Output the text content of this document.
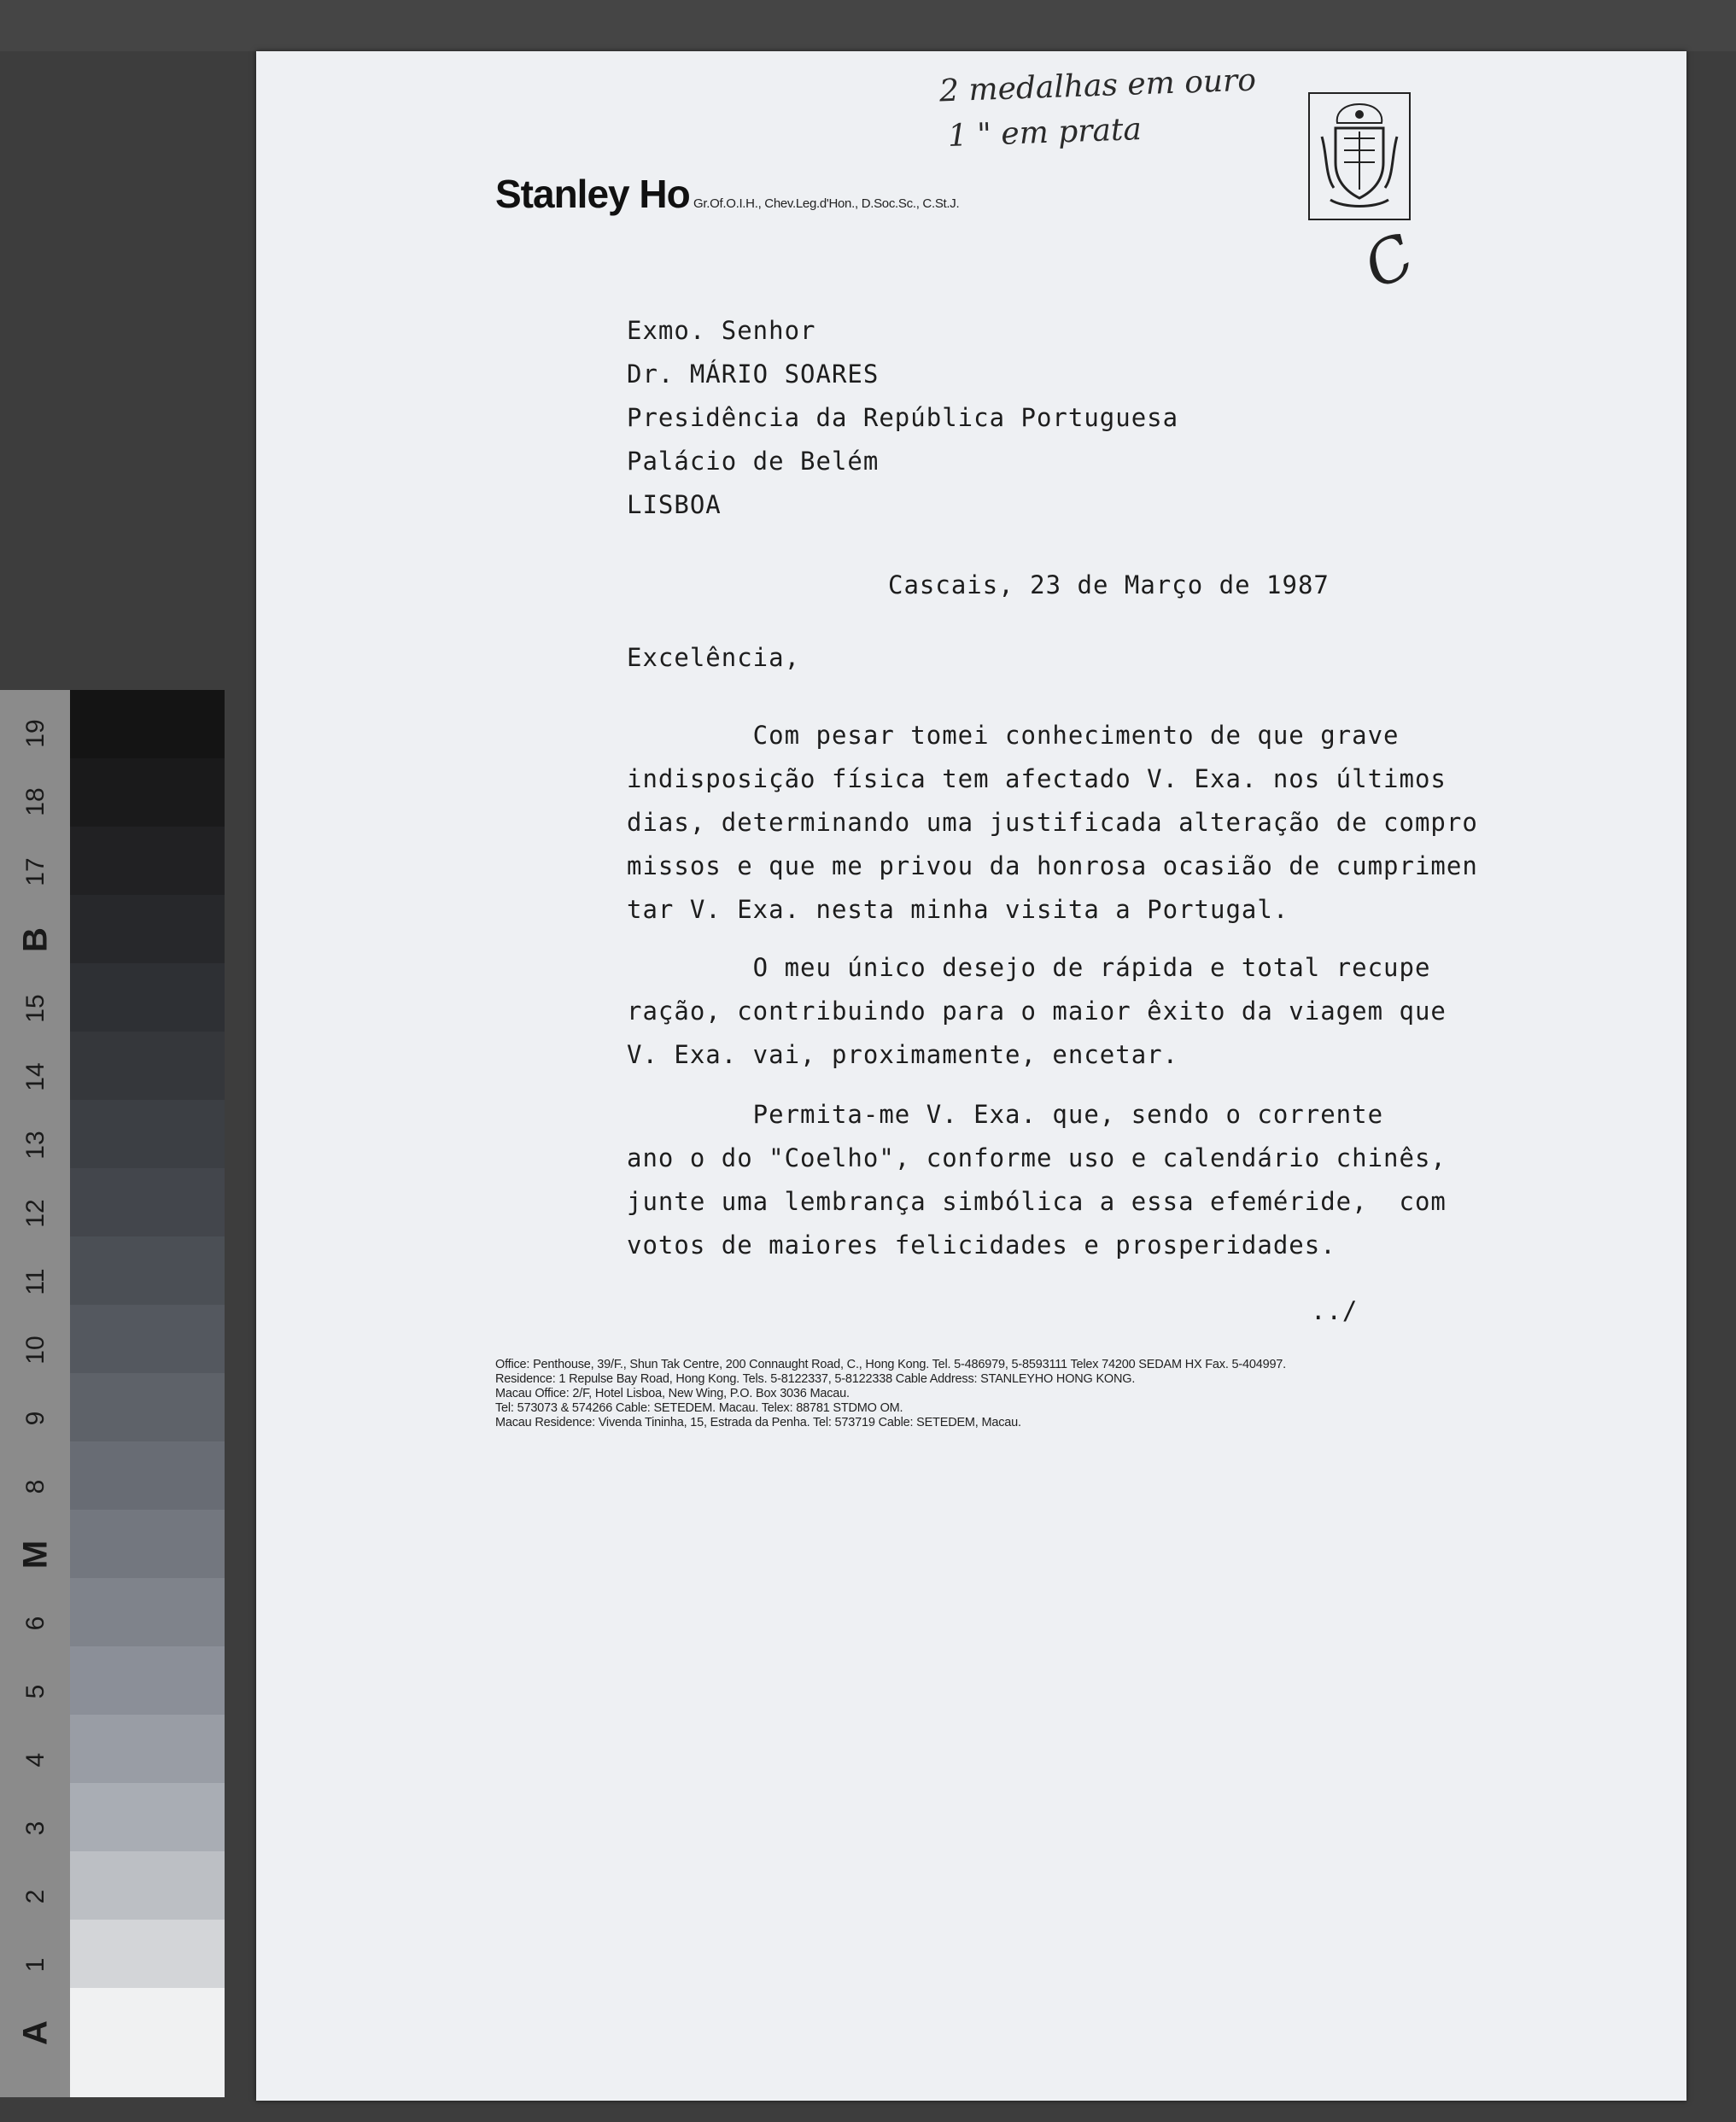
19
18
17
B
15
14
13
12
11
10
9
8
M
6
5
4
3
2
1
A
2 medalhas em ouro
1 " em prata
Stanley Ho Gr.Of.O.I.H., Chev.Leg.d'Hon., D.Soc.Sc., C.St.J.
C
Exmo. Senhor
Dr. MÁRIO SOARES
Presidência da República Portuguesa
Palácio de Belém
LISBOA
Cascais, 23 de Março de 1987
Excelência,
Com pesar tomei conhecimento de que grave
indisposição física tem afectado V. Exa. nos últimos
dias, determinando uma justificada alteração de compro
missos e que me privou da honrosa ocasião de cumprimen
tar V. Exa. nesta minha visita a Portugal.
O meu único desejo de rápida e total recupe
ração, contribuindo para o maior êxito da viagem que
V. Exa. vai, proximamente, encetar.
Permita-me V. Exa. que, sendo o corrente
ano o do "Coelho", conforme uso e calendário chinês,
junte uma lembrança simbólica a essa efeméride,  com
votos de maiores felicidades e prosperidades.
../
Office: Penthouse, 39/F., Shun Tak Centre, 200 Connaught Road, C., Hong Kong. Tel. 5-486979, 5-8593111 Telex 74200 SEDAM HX Fax. 5-404997.
Residence: 1 Repulse Bay Road, Hong Kong. Tels. 5-8122337, 5-8122338 Cable Address: STANLEYHO HONG KONG.
Macau Office: 2/F, Hotel Lisboa, New Wing, P.O. Box 3036 Macau.
Tel: 573073 & 574266 Cable: SETEDEM. Macau. Telex: 88781 STDMO OM.
Macau Residence: Vivenda Tininha, 15, Estrada da Penha. Tel: 573719 Cable: SETEDEM, Macau.
